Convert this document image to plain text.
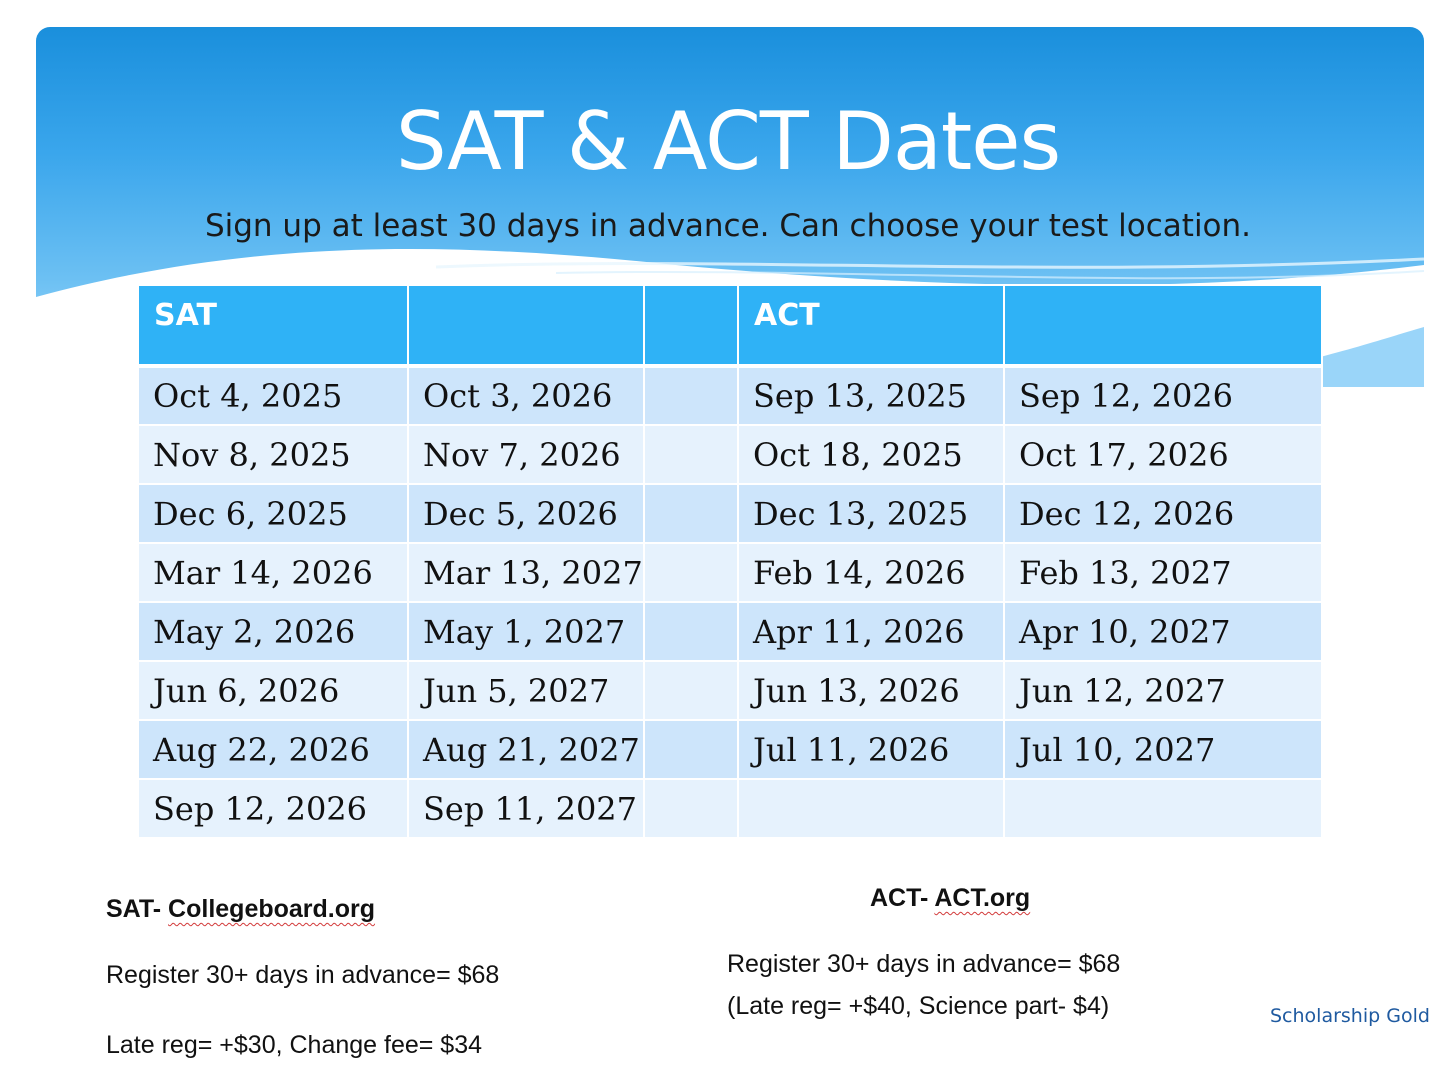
SAT & ACT Dates
Sign up at least 30 days in advance. Can choose your test location.
SAT			ACT	
Oct 4, 2025	Oct 3, 2026		Sep 13, 2025	Sep 12, 2026
Nov 8, 2025	Nov 7, 2026		Oct 18, 2025	Oct 17, 2026
Dec 6, 2025	Dec 5, 2026		Dec 13, 2025	Dec 12, 2026
Mar 14, 2026	Mar 13, 2027		Feb 14, 2026	Feb 13, 2027
May 2, 2026	May 1, 2027		Apr 11, 2026	Apr 10, 2027
Jun 6, 2026	Jun 5, 2027		Jun 13, 2026	Jun 12, 2027
Aug 22, 2026	Aug 21, 2027		Jul 11, 2026	Jul 10, 2027
Sep 12, 2026	Sep 11, 2027			
SAT- Collegeboard.org
Register 30+ days in advance= $68
Late reg= +$30, Change fee= $34
ACT- ACT.org
Register 30+ days in advance= $68
(Late reg= +$40, Science part- $4)	Scholarship Gold
